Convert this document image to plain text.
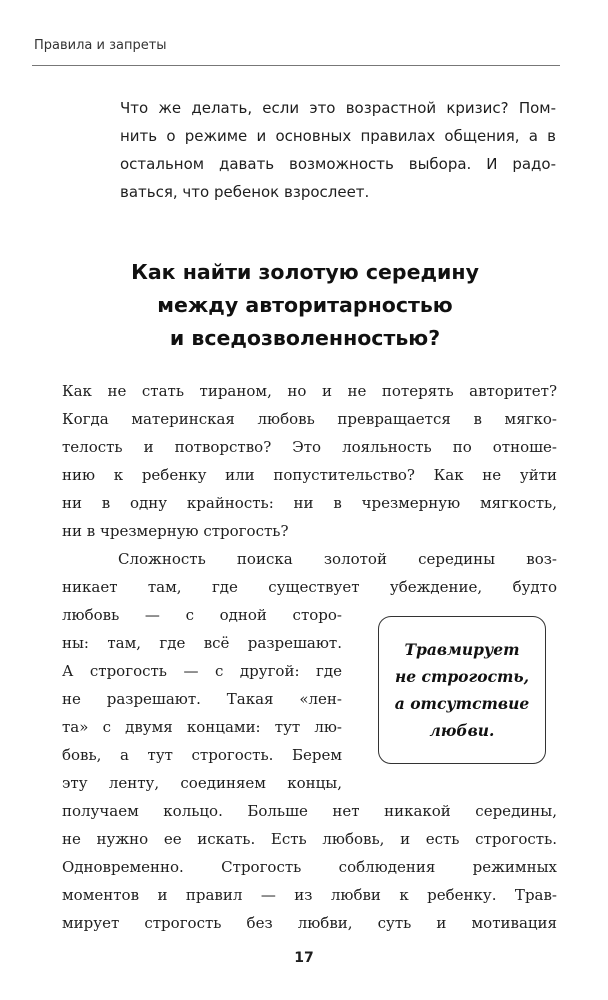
Правила и запреты
Что же делать, если это возрастной кризис? Пом-
нить о режиме и основных правилах общения, а в
остальном давать возможность выбора. И радо-
ваться, что ребенок взрослеет.
Как найти золотую середину
между авторитарностью
и вседозволенностью?
Как не стать тираном, но и не потерять авторитет?
Когда материнская любовь превращается в мягко-
телость и потворство? Это лояльность по отноше-
нию к ребенку или попустительство? Как не уйти
ни в одну крайность: ни в чрезмерную мягкость,
ни в чрезмерную строгость?
Сложность поиска золотой середины воз-
никает там, где существует убеждение, будто
любовь — с одной сторо-
ны: там, где всё разрешают.
А строгость — с другой: где
не разрешают. Такая «лен-
та» с двумя концами: тут лю-
бовь, а тут строгость. Берем
эту ленту, соединяем концы,
получаем кольцо. Больше нет никакой середины,
не нужно ее искать. Есть любовь, и есть строгость.
Одновременно. Строгость соблюдения режимных
моментов и правил — из любви к ребенку. Трав-
мирует строгость без любви, суть и мотивация
Травмирует
не строгость,
а отсутствие
любви.
17
